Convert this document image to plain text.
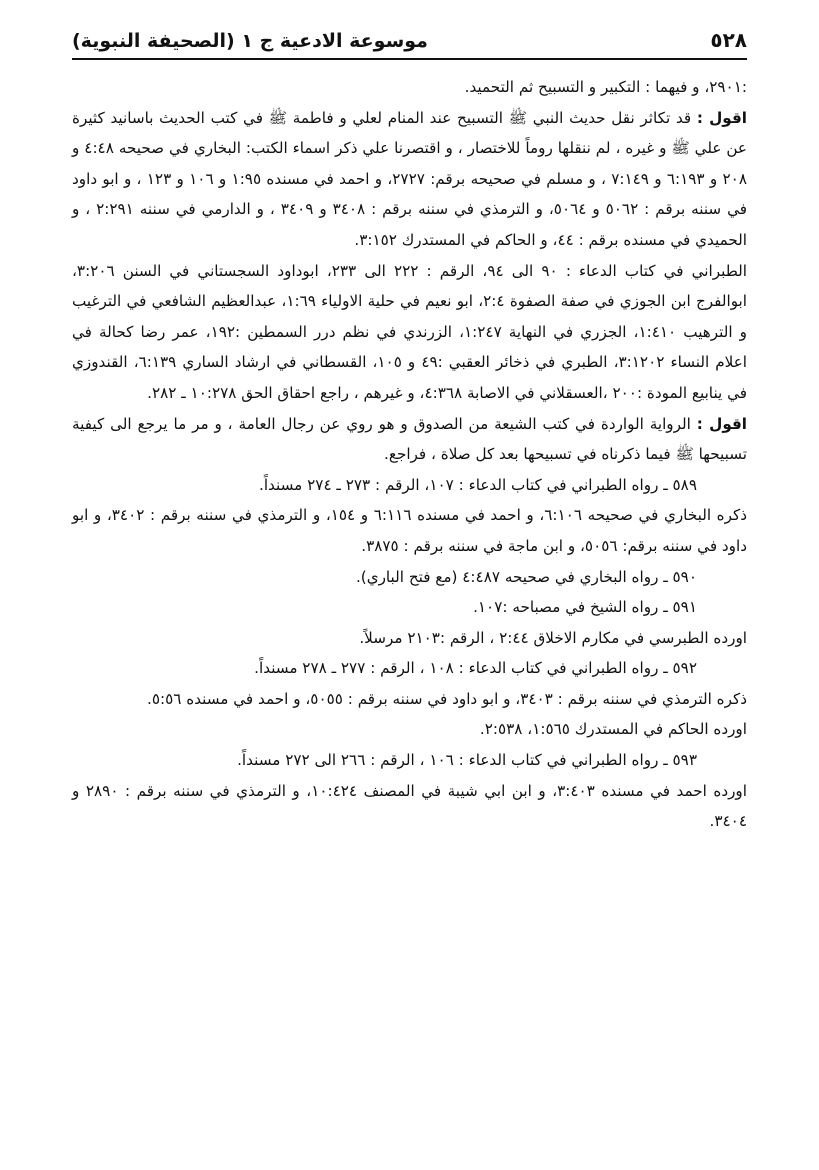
٥٢٨
موسوعة الادعية ج ١ (الصحيفة النبوية)

:٢٩٠١، و فيهما : التكبير و التسبيح ثم التحميد.

اقول : قد تكاثر نقل حديث النبي ﷺ التسبيح عند المنام لعلي و فاطمة ﷺ في كتب الحديث باسانيد كثيرة عن علي ﷺ و غيره ، لم ننقلها روماً للاختصار ، و اقتصرنا علي ذكر اسماء الكتب: البخاري في صحيحه ٤:٤٨ و ٢٠٨ و ٦:١٩٣ و ٧:١٤٩ ، و مسلم في صحيحه برقم: ٢٧٢٧، و احمد في مسنده ١:٩٥ و ١٠٦ و ١٢٣ ، و ابو داود في سننه برقم : ٥٠٦٢ و ٥٠٦٤، و الترمذي في سننه برقم : ٣٤٠٨ و ٣٤٠٩ ، و الدارمي في سننه ٢:٢٩١ ، و الحميدي في مسنده برقم : ٤٤، و الحاكم في المستدرك ٣:١٥٢.

الطبراني في كتاب الدعاء : ٩٠ الى ٩٤، الرقم : ٢٢٢ الى ٢٣٣، ابوداود السجستاني في السنن ٣:٢٠٦، ابوالفرج ابن الجوزي في صفة الصفوة ٢:٤، ابو نعيم في حلية الاولياء ١:٦٩، عبدالعظيم الشافعي في الترغيب و الترهيب ١:٤١٠، الجزري في النهاية ١:٢٤٧، الزرندي في نظم درر السمطين :١٩٢، عمر رضا كحالة في اعلام النساء ٣:١٢٠٢، الطبري في ذخائر العقبي :٤٩ و ١٠٥، القسطاني في ارشاد الساري ٦:١٣٩، القندوزي في ينابيع المودة :٢٠٠ ،العسقلاني في الاصابة ٤:٣٦٨، و غيرهم ، راجع احقاق الحق ١٠:٢٧٨ ـ ٢٨٢.

اقول : الرواية الواردة في كتب الشيعة من الصدوق و هو روي عن رجال العامة ، و مر ما يرجع الى كيفية تسبيحها ﷺ فيما ذكرناه في تسبيحها بعد كل صلاة ، فراجع.

٥٨٩ ـ رواه الطبراني في كتاب الدعاء : ١٠٧، الرقم : ٢٧٣ ـ ٢٧٤ مسنداً.

ذكره البخاري في صحيحه ٦:١٠٦، و احمد في مسنده ٦:١١٦ و ١٥٤، و الترمذي في سننه برقم : ٣٤٠٢، و ابو داود في سننه برقم: ٥٠٥٦، و ابن ماجة في سننه برقم : ٣٨٧٥.

٥٩٠ ـ رواه البخاري في صحيحه ٤:٤٨٧ (مع فتح الباري).

٥٩١ ـ رواه الشيخ في مصباحه :١٠٧.

اورده الطبرسي في مكارم الاخلاق ٢:٤٤ ، الرقم :٢١٠٣ مرسلاً.

٥٩٢ ـ رواه الطبراني في كتاب الدعاء : ١٠٨ ، الرقم : ٢٧٧ ـ ٢٧٨ مسنداً.

ذكره الترمذي في سننه برقم : ٣٤٠٣، و ابو داود في سننه برقم : ٥٠٥٥، و احمد في مسنده ٥:٥٦.

اورده الحاكم في المستدرك ١:٥٦٥، ٢:٥٣٨.

٥٩٣ ـ رواه الطبراني في كتاب الدعاء : ١٠٦ ، الرقم : ٢٦٦ الى ٢٧٢ مسنداً.

اورده احمد في مسنده ٣:٤٠٣، و ابن ابي شيبة في المصنف ١٠:٤٢٤، و الترمذي في سننه برقم : ٢٨٩٠ و ٣٤٠٤.
